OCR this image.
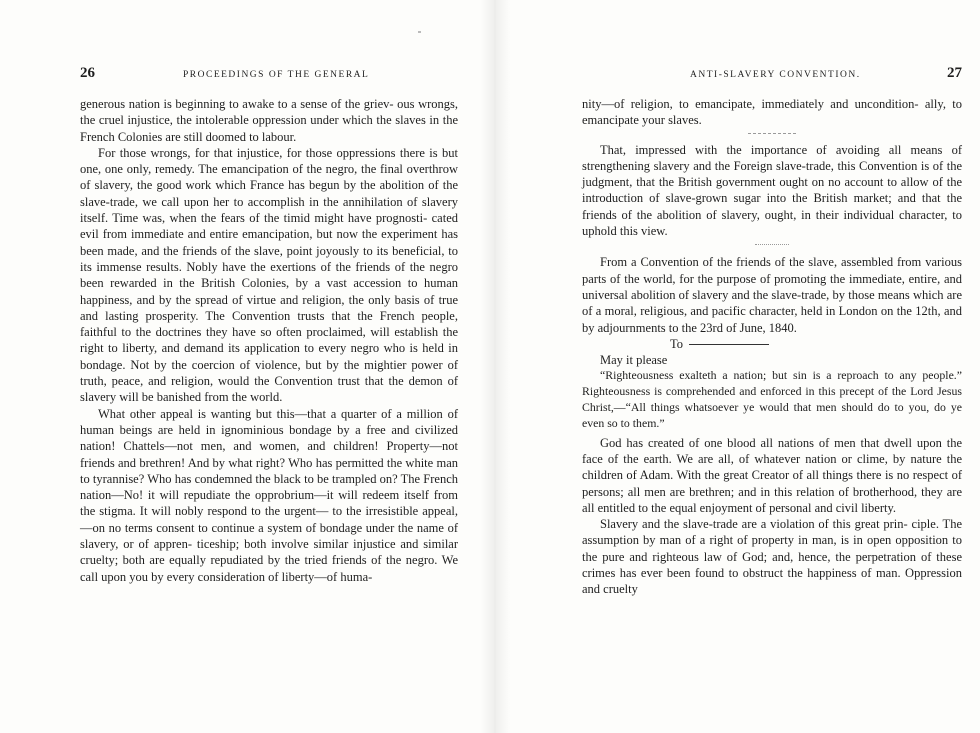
26	PROCEEDINGS OF THE GENERAL

generous nation is beginning to awake to a sense of the griev- ous wrongs, the cruel injustice, the intolerable oppression under which the slaves in the French Colonies are still doomed to labour.

For those wrongs, for that injustice, for those oppressions there is but one, one only, remedy. The emancipation of the negro, the final overthrow of slavery, the good work which France has begun by the abolition of the slave-trade, we call upon her to accomplish in the annihilation of slavery itself. Time was, when the fears of the timid might have prognosti- cated evil from immediate and entire emancipation, but now the experiment has been made, and the friends of the slave, point joyously to its beneficial, to its immense results. Nobly have the exertions of the friends of the negro been rewarded in the British Colonies, by a vast accession to human happiness, and by the spread of virtue and religion, the only basis of true and lasting prosperity. The Convention trusts that the French people, faithful to the doctrines they have so often proclaimed, will establish the right to liberty, and demand its application to every negro who is held in bondage. Not by the coercion of violence, but by the mightier power of truth, peace, and religion, would the Convention trust that the demon of slavery will be banished from the world.

What other appeal is wanting but this—that a quarter of a million of human beings are held in ignominious bondage by a free and civilized nation! Chattels—not men, and women, and children! Property—not friends and brethren! And by what right? Who has permitted the white man to tyrannise? Who has condemned the black to be trampled on? The French nation—No! it will repudiate the opprobrium—it will redeem itself from the stigma. It will nobly respond to the urgent— to the irresistible appeal,—on no terms consent to continue a system of bondage under the name of slavery, or of appren- ticeship; both involve similar injustice and similar cruelty; both are equally repudiated by the tried friends of the negro. We call upon you by every consideration of liberty—of huma-

ANTI-SLAVERY CONVENTION.	27

nity—of religion, to emancipate, immediately and uncondition- ally, to emancipate your slaves.

That, impressed with the importance of avoiding all means of strengthening slavery and the Foreign slave-trade, this Convention is of the judgment, that the British government ought on no account to allow of the introduction of slave-grown sugar into the British market; and that the friends of the abolition of slavery, ought, in their individual character, to uphold this view.

From a Convention of the friends of the slave, assembled from various parts of the world, for the purpose of promoting the immediate, entire, and universal abolition of slavery and the slave-trade, by those means which are of a moral, religious, and pacific character, held in London on the 12th, and by adjournments to the 23rd of June, 1840.

To

May it please

“Righteousness exalteth a nation; but sin is a reproach to any people.” Righteousness is comprehended and enforced in this precept of the Lord Jesus Christ,—“All things whatsoever ye would that men should do to you, do ye even so to them.”

God has created of one blood all nations of men that dwell upon the face of the earth. We are all, of whatever nation or clime, by nature the children of Adam. With the great Creator of all things there is no respect of persons; all men are brethren; and in this relation of brotherhood, they are all entitled to the equal enjoyment of personal and civil liberty.

Slavery and the slave-trade are a violation of this great prin- ciple. The assumption by man of a right of property in man, is in open opposition to the pure and righteous law of God; and, hence, the perpetration of these crimes has ever been found to obstruct the happiness of man. Oppression and cruelty
